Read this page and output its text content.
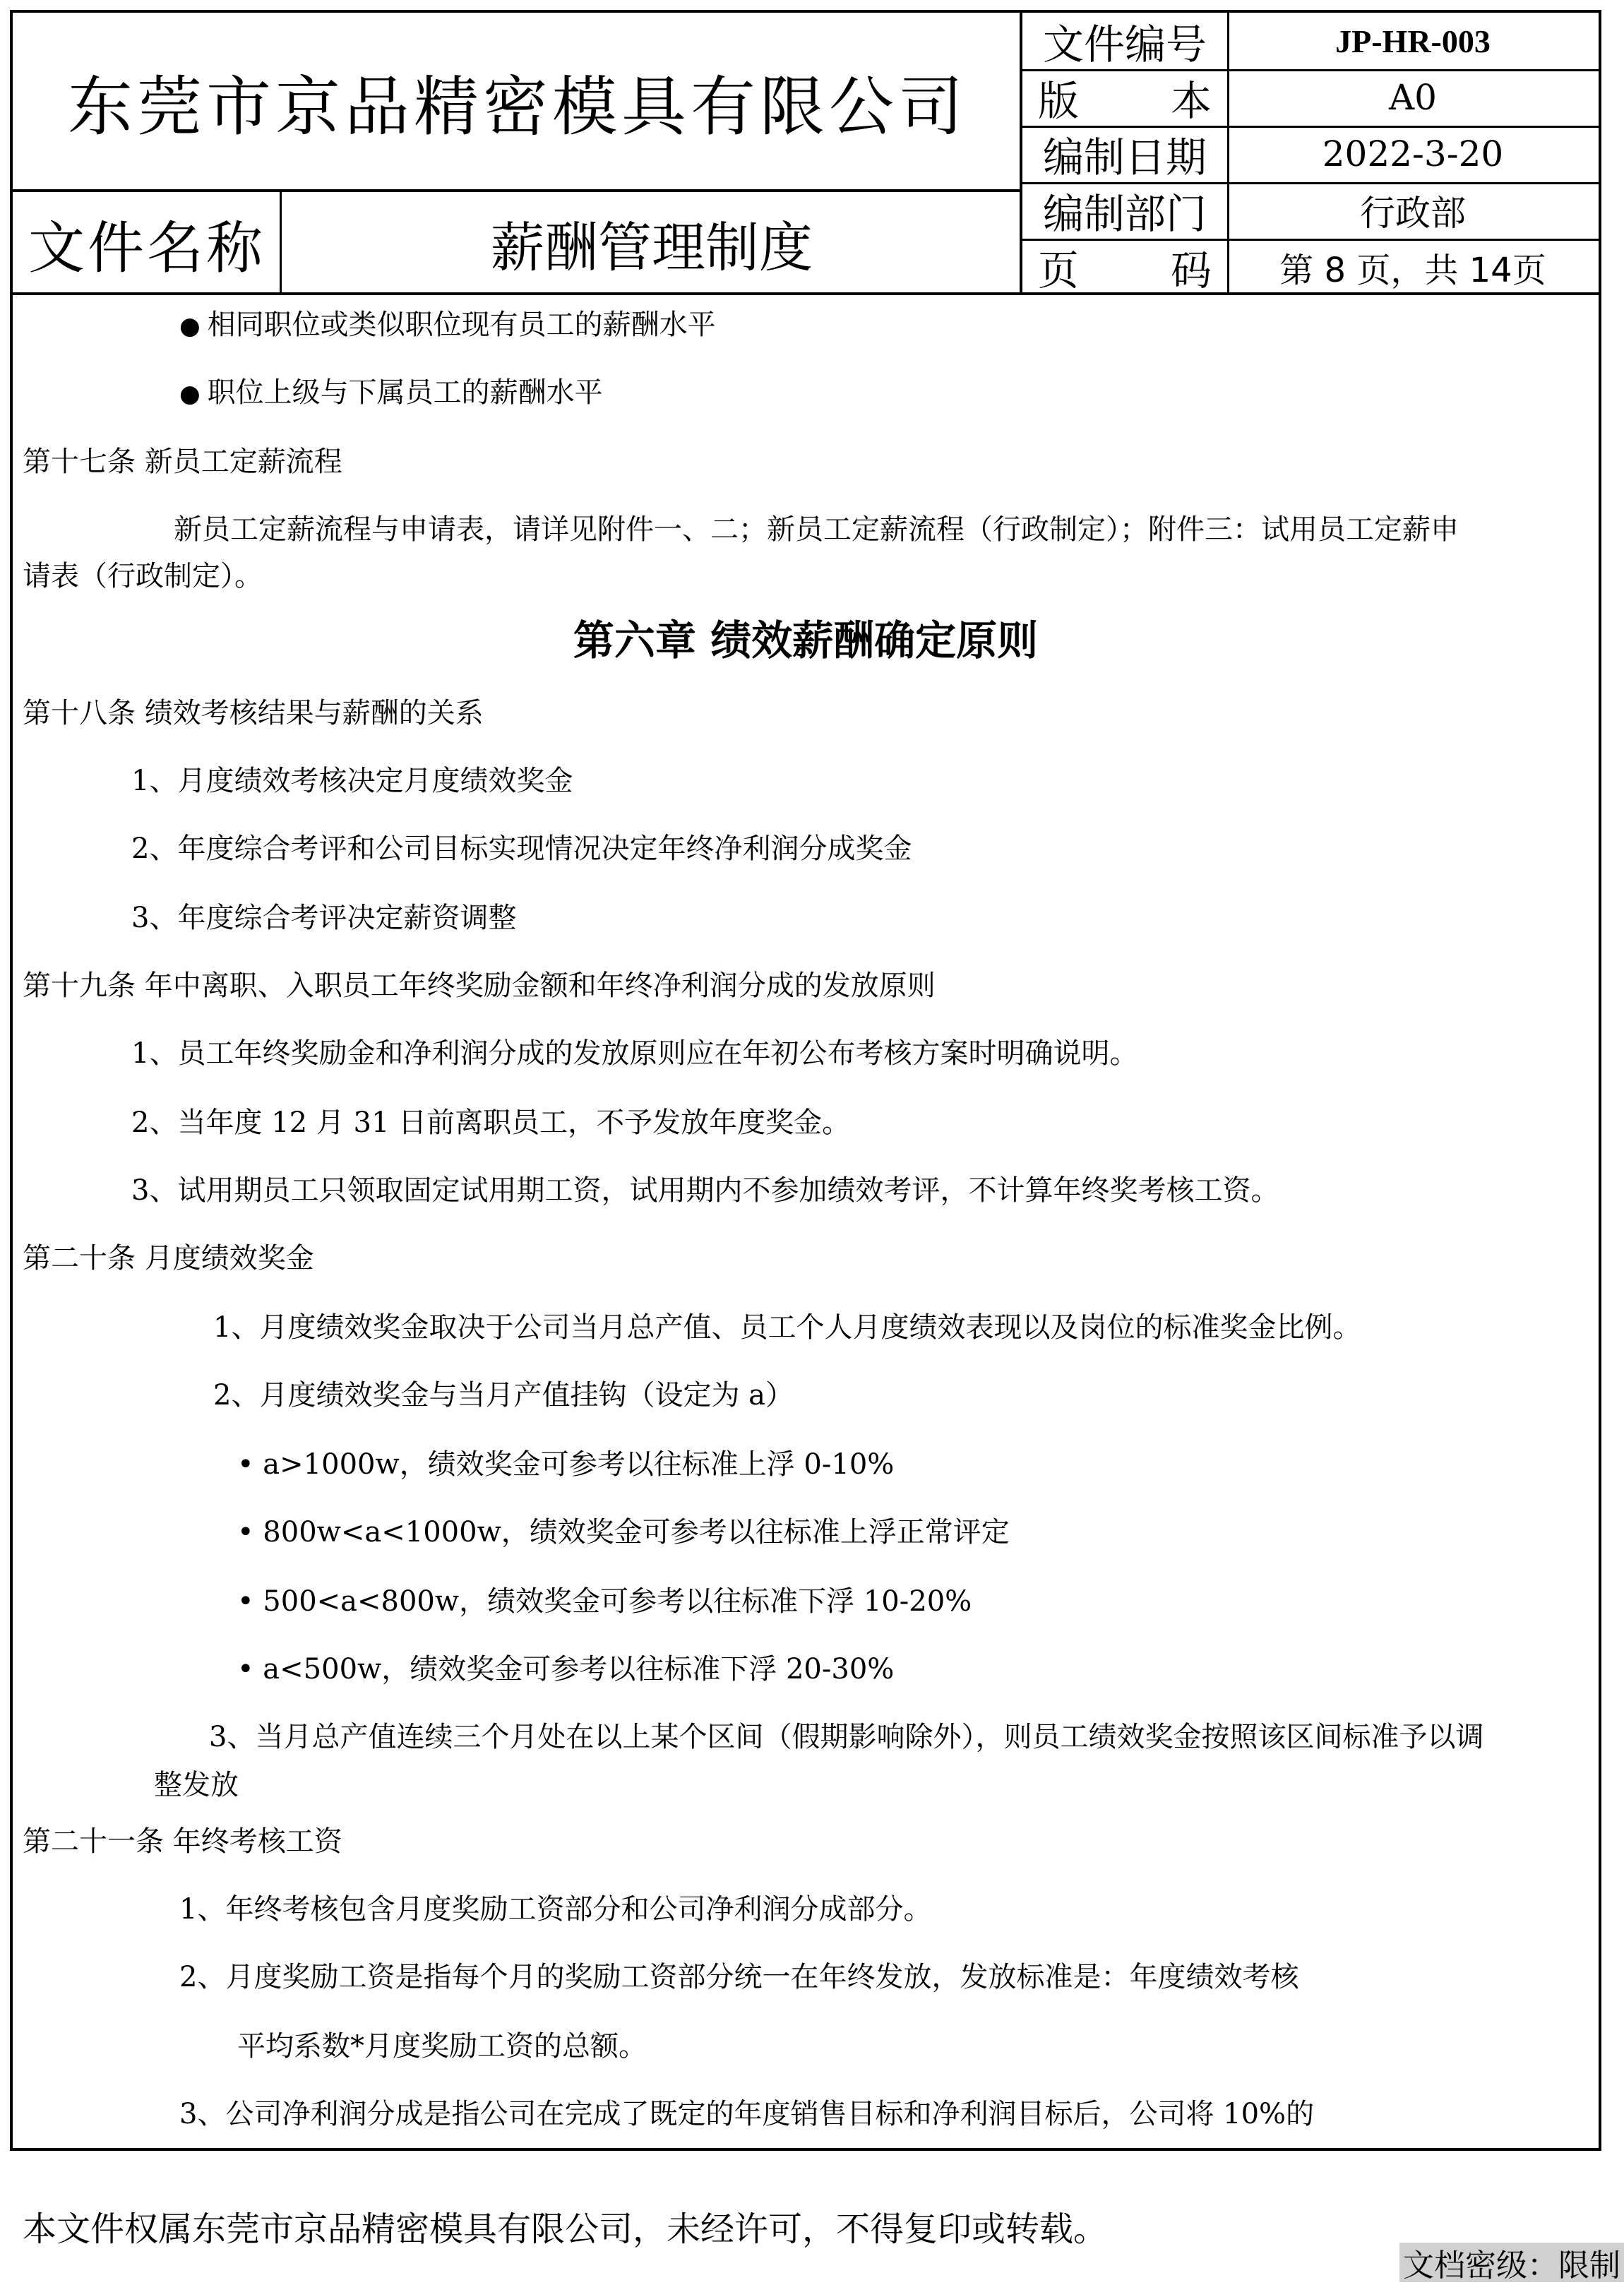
东莞市京品精密模具有限公司
文件名称	薪酬管理制度
文件编号	JP-HR-003
版 本	A0
编制日期	2022-3-20
编制部门	行政部
页 码	第 8 页，共 14页
● 相同职位或类似职位现有员工的薪酬水平
● 职位上级与下属员工的薪酬水平
第十七条 新员工定薪流程
新员工定薪流程与申请表，请详见附件一、二；新员工定薪流程（行政制定）；附件三：试用员工定薪申
请表（行政制定）。
第六章 绩效薪酬确定原则
第十八条 绩效考核结果与薪酬的关系
1、月度绩效考核决定月度绩效奖金
2、年度综合考评和公司目标实现情况决定年终净利润分成奖金
3、年度综合考评决定薪资调整
第十九条 年中离职、入职员工年终奖励金额和年终净利润分成的发放原则
1、员工年终奖励金和净利润分成的发放原则应在年初公布考核方案时明确说明。
2、当年度 12 月 31 日前离职员工，不予发放年度奖金。
3、试用期员工只领取固定试用期工资，试用期内不参加绩效考评，不计算年终奖考核工资。
第二十条 月度绩效奖金
1、月度绩效奖金取决于公司当月总产值、员工个人月度绩效表现以及岗位的标准奖金比例。
2、月度绩效奖金与当月产值挂钩（设定为 a）
• a>1000w，绩效奖金可参考以往标准上浮 0-10%
• 800w<a<1000w，绩效奖金可参考以往标准上浮正常评定
• 500<a<800w，绩效奖金可参考以往标准下浮 10-20%
• a<500w，绩效奖金可参考以往标准下浮 20-30%
3、当月总产值连续三个月处在以上某个区间（假期影响除外），则员工绩效奖金按照该区间标准予以调
整发放
第二十一条 年终考核工资
1、年终考核包含月度奖励工资部分和公司净利润分成部分。
2、月度奖励工资是指每个月的奖励工资部分统一在年终发放，发放标准是：年度绩效考核
平均系数*月度奖励工资的总额。
3、公司净利润分成是指公司在完成了既定的年度销售目标和净利润目标后，公司将 10%的
本文件权属东莞市京品精密模具有限公司，未经许可，不得复印或转载。
文档密级：限制
